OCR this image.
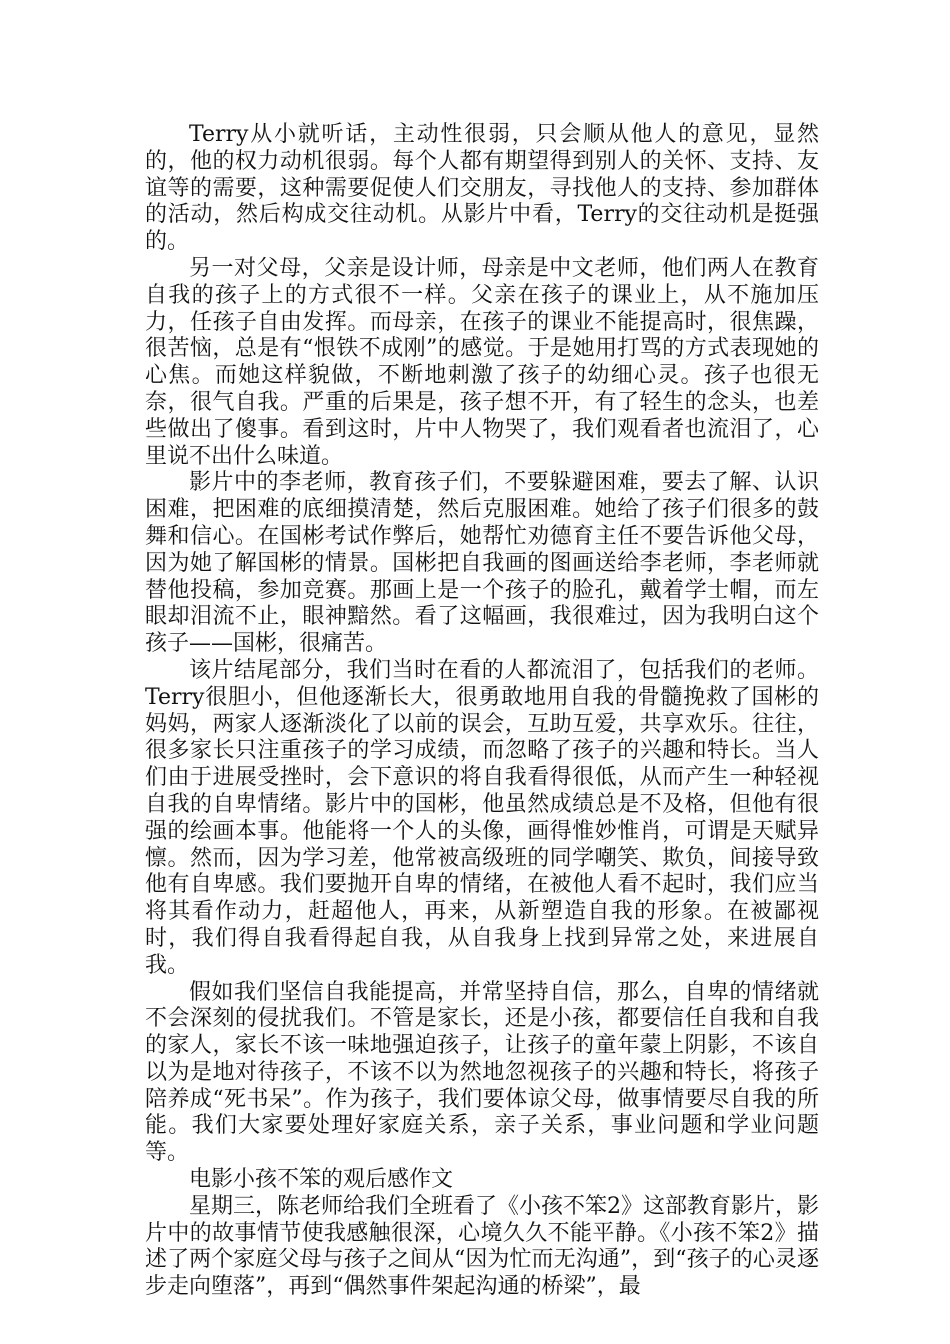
Terry从小就听话，主动性很弱，只会顺从他人的意见，显然的，他的权力动机很弱。每个人都有期望得到别人的关怀、支持、友谊等的需要，这种需要促使人们交朋友，寻找他人的支持、参加群体的活动，然后构成交往动机。从影片中看，Terry的交往动机是挺强的。

另一对父母，父亲是设计师，母亲是中文老师，他们两人在教育自我的孩子上的方式很不一样。父亲在孩子的课业上，从不施加压力，任孩子自由发挥。而母亲，在孩子的课业不能提高时，很焦躁，很苦恼，总是有“恨铁不成刚”的感觉。于是她用打骂的方式表现她的心焦。而她这样貌做，不断地刺激了孩子的幼细心灵。孩子也很无奈，很气自我。严重的后果是，孩子想不开，有了轻生的念头，也差些做出了傻事。看到这时，片中人物哭了，我们观看者也流泪了，心里说不出什么味道。

影片中的李老师，教育孩子们，不要躲避困难，要去了解、认识困难，把困难的底细摸清楚，然后克服困难。她给了孩子们很多的鼓舞和信心。在国彬考试作弊后，她帮忙劝德育主任不要告诉他父母，因为她了解国彬的情景。国彬把自我画的图画送给李老师，李老师就替他投稿，参加竞赛。那画上是一个孩子的脸孔，戴着学士帽，而左眼却泪流不止，眼神黯然。看了这幅画，我很难过，因为我明白这个孩子——国彬，很痛苦。

该片结尾部分，我们当时在看的人都流泪了，包括我们的老师。Terry很胆小，但他逐渐长大，很勇敢地用自我的骨髓挽救了国彬的妈妈，两家人逐渐淡化了以前的误会，互助互爱，共享欢乐。往往，很多家长只注重孩子的学习成绩，而忽略了孩子的兴趣和特长。当人们由于进展受挫时，会下意识的将自我看得很低，从而产生一种轻视自我的自卑情绪。影片中的国彬，他虽然成绩总是不及格，但他有很强的绘画本事。他能将一个人的头像，画得惟妙惟肖，可谓是天赋异懔。然而，因为学习差，他常被高级班的同学嘲笑、欺负，间接导致他有自卑感。我们要抛开自卑的情绪，在被他人看不起时，我们应当将其看作动力，赶超他人，再来，从新塑造自我的形象。在被鄙视时，我们得自我看得起自我，从自我身上找到异常之处，来进展自我。

假如我们坚信自我能提高，并常坚持自信，那么，自卑的情绪就不会深刻的侵扰我们。不管是家长，还是小孩，都要信任自我和自我的家人，家长不该一味地强迫孩子，让孩子的童年蒙上阴影，不该自以为是地对待孩子，不该不以为然地忽视孩子的兴趣和特长，将孩子陪养成“死书呆”。作为孩子，我们要体谅父母，做事情要尽自我的所能。我们大家要处理好家庭关系，亲子关系，事业问题和学业问题等。

电影小孩不笨的观后感作文

星期三，陈老师给我们全班看了《小孩不笨2》这部教育影片，影片中的故事情节使我感触很深，心境久久不能平静。《小孩不笨2》描述了两个家庭父母与孩子之间从“因为忙而无沟通”，到“孩子的心灵逐步走向堕落”，再到“偶然事件架起沟通的桥梁”，最
